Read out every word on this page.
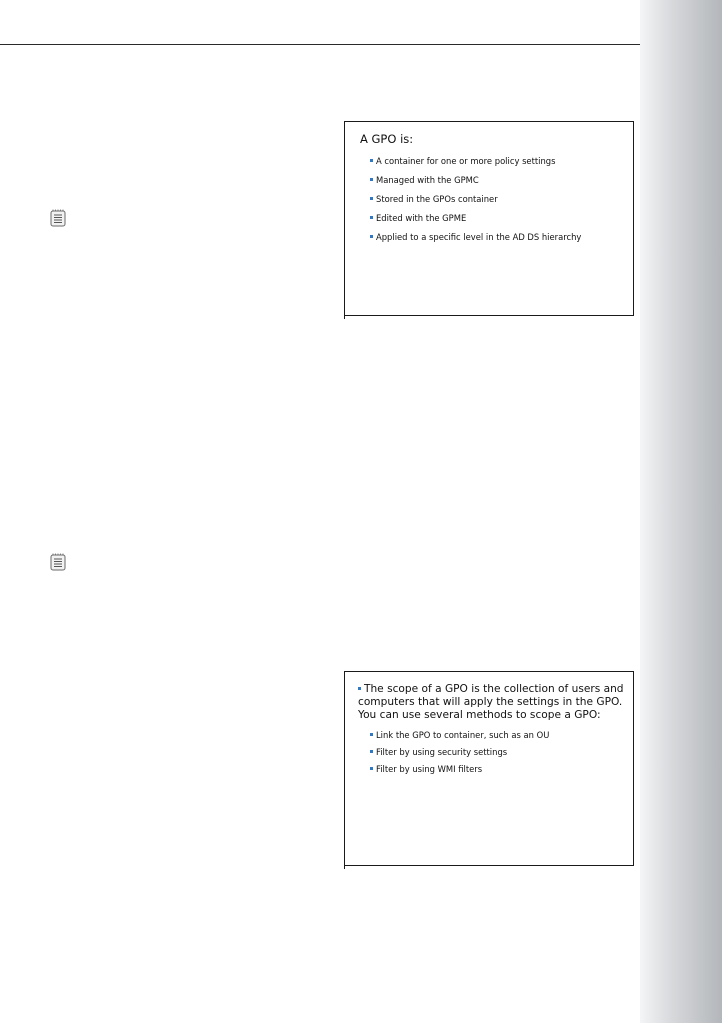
A GPO is:
A container for one or more policy settings
Managed with the GPMC
Stored in the GPOs container
Edited with the GPME
Applied to a specific level in the AD DS hierarchy
The scope of a GPO is the collection of users and computers that will apply the settings in the GPO. You can use several methods to scope a GPO:
Link the GPO to container, such as an OU
Filter by using security settings
Filter by using WMI filters
